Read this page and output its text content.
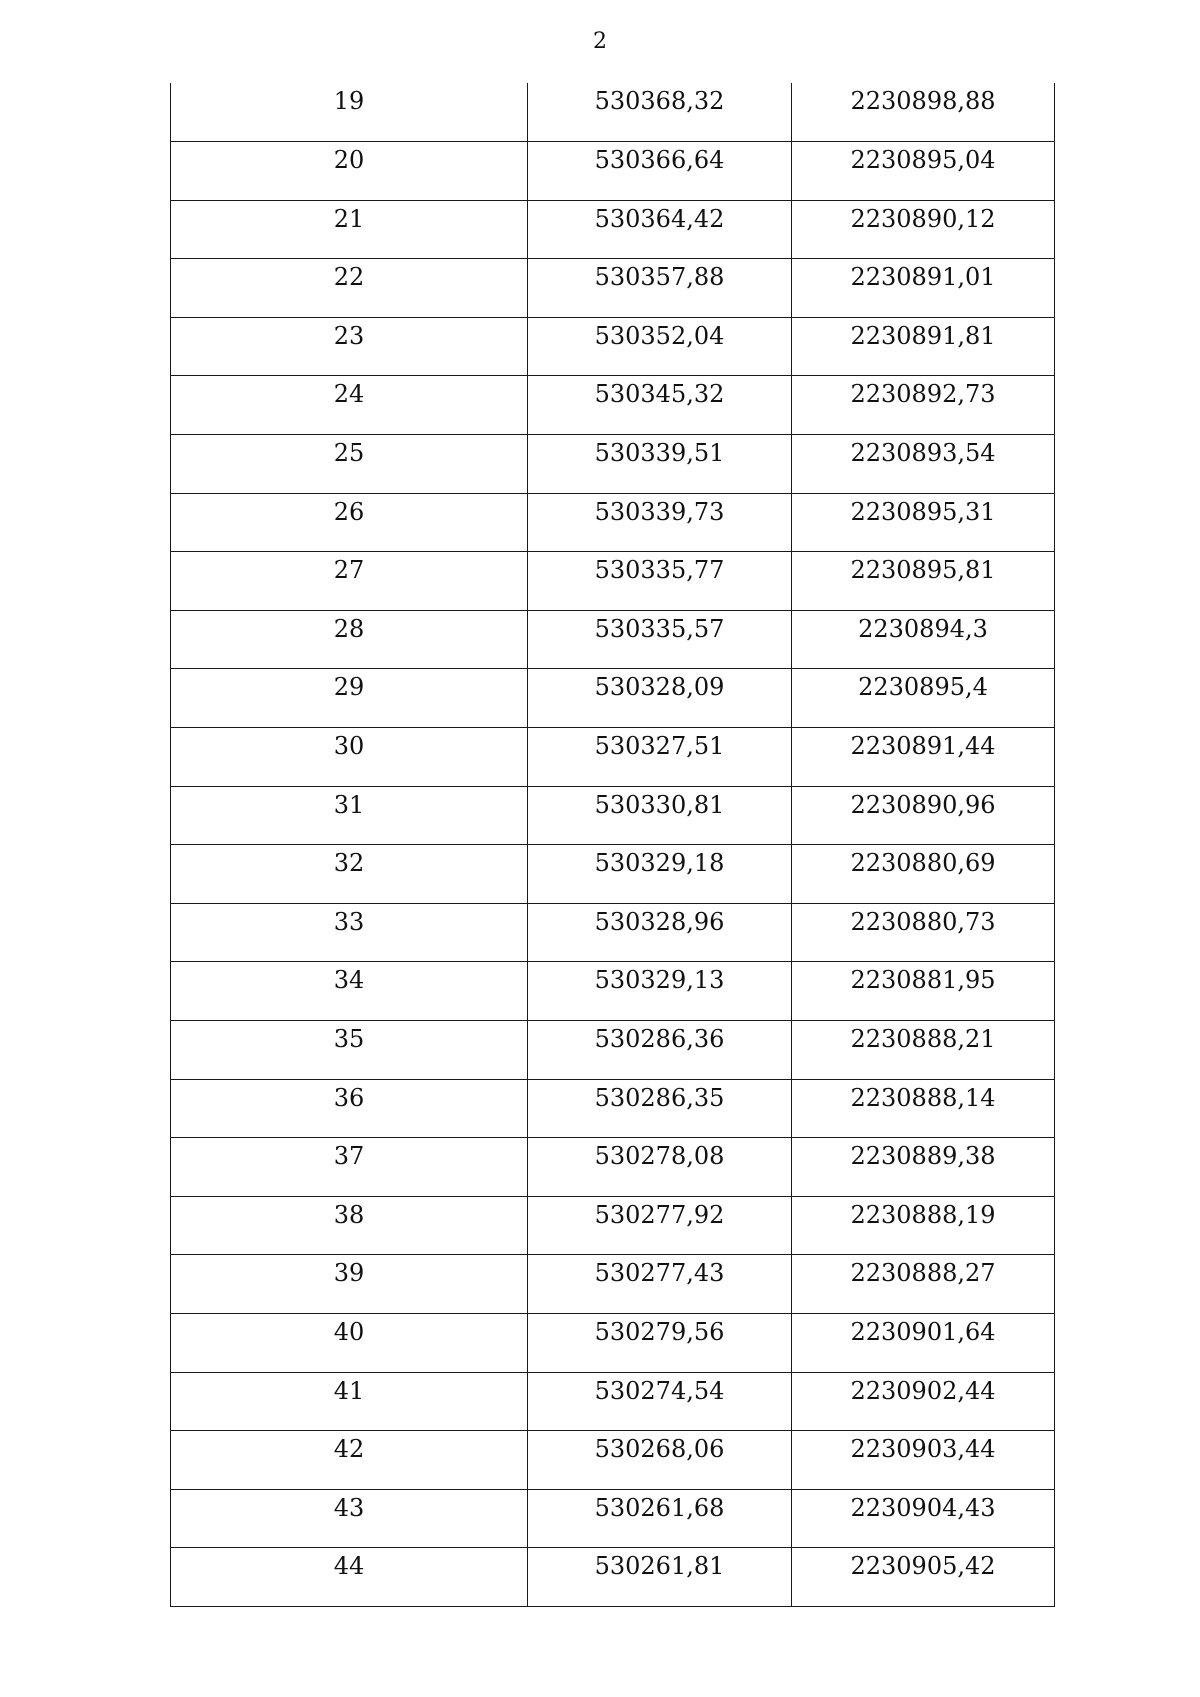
2
19	530368,32	2230898,88

20	530366,64	2230895,04

21	530364,42	2230890,12

22	530357,88	2230891,01

23	530352,04	2230891,81

24	530345,32	2230892,73

25	530339,51	2230893,54

26	530339,73	2230895,31

27	530335,77	2230895,81

28	530335,57	2230894,3

29	530328,09	2230895,4

30	530327,51	2230891,44

31	530330,81	2230890,96

32	530329,18	2230880,69

33	530328,96	2230880,73

34	530329,13	2230881,95

35	530286,36	2230888,21

36	530286,35	2230888,14

37	530278,08	2230889,38

38	530277,92	2230888,19

39	530277,43	2230888,27

40	530279,56	2230901,64

41	530274,54	2230902,44

42	530268,06	2230903,44

43	530261,68	2230904,43

44	530261,81	2230905,42
